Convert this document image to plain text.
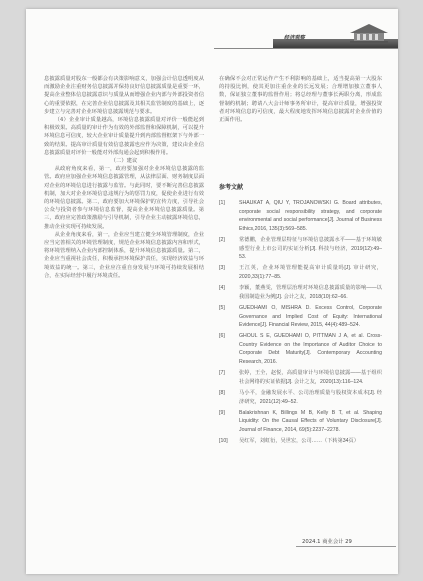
经济观察

息披露质量对股东一般都会有决策影响意义，加强会计信息透明度从而激励企业注重财务信息披露并保持良好信息披露质量是重要一环，提高企业整体信息披露意识与质量从而增强企业内部与外部投资者信心的重要依据，在完善企业信息披露及其相关监管制度的基础上，逐步建立与完善对企业环境信息披露规范与要求。

（4）企业审计质量越高，环境信息披露质量对评价一般能起到积极效果。高质量的审计作为有效的外部监督和保障机制，可以提升环境信息可信度，较大企业审计质量提升到内部监督框架下与外部一致的结果。提高审计质量有效信息披露也应作为决策，建议由企业信息披露质量对评价一般能对外部沟通会起到积极作用。

（二）建议

从政府角度来看，第一，政府要加强对企业环境信息披露的监管。政府应加强企业环境信息披露管理，从法律层面、财务制度层面对企业的环境信息进行披露与监管。与此同时，要不断完善信息披露机制，加大对企业环境信息违规行为的惩罚力度，促使企业进行有效的环境信息披露。第二，政府要加大环境保护的宣传力度，引导社会公众与投资者参与环境信息监督，提高企业环境信息披露质量。第三，政府应完善政策激励与引导机制，引导企业主动披露环境信息，推动企业实现可持续发展。

从企业角度来看，第一，企业应当建立健全环境管理制度，企业应当完善相关的环境管理制度，规范企业环境信息披露内容和形式，将环境管理纳入企业内部控制体系，提升环境信息披露质量。第二，企业应当重视社会责任，积极承担环境保护责任，实现经济效益与环境效益的统一。第三，企业应注重自身发展与环境可持续发展相结合，在实际经营中履行环境责任。

在确保不会对正常运作产生不利影响的基础上，适当提高第一大股东的持股比例，使其更加注重企业的长远发展；合理增加独立董事人数，保证独立董事的监督作用；将总经理与董事长两职分离，形成监督制约机制；聘请八大会计师事务所审计，提高审计质量，增强投资者对环境信息的可信度，最大程度地发挥环境信息披露对企业价值的正面作用。

参考文献
[1]	SHAUKAT A, QIU Y, TROJANOWSKI G. Board attributes, corporate social responsibility strategy, and corporate environmental and social performance[J]. Journal of Business Ethics,2016, 135(3):569–585.
[2]	常德鹏，企业管理层特征与环境信息披露水平——基于环境敏感型行业上市公司的实证分析[J]. 科技与经济，2019(12):49–53.
[3]	王江英，企业环境管理能提高审计质量吗[J]. 审计研究，2020,33(1):77–85.
[4]	李颖，董燕雯，管理层治理对环境信息披露质量的影响——以我国制造业为例[J]. 会计之友，2018(10):62–66.
[5]	GUEDHAMI O, MISHRA D. Excess Control, Corporate Governance and Implied Cost of Equity: International Evidence[J]. Financial Review, 2015, 44(4):489–524.
[6]	GHOUL S E, GUEDHAMI O, PITTMAN J A, et al. Cross-Country Evidence on the Importance of Auditor Choice to Corporate Debt Maturity[J]. Contemporary Accounting Research, 2016.
[7]	张婷，王全，赵悦，高质量审计与环境信息披露——基于组织社会网络的实证依据[J]. 会计之友，2020(13):116–124.
[8]	马小平，金融发展水平、公司治理质量与股权资本成本[J]. 经济研究，2021(12):49–52.
[9]	Balakrishnan K, Billings M B, Kelly B T, et al. Shaping Liquidity: On the Causal Effects of Voluntary Disclosure[J]. Journal of Finance, 2014, 69(5):2237–2278.
[10] 吴红军，刘虹衍，吴世宏，公司……（下转第34页）
2024.1 商业会计 29
